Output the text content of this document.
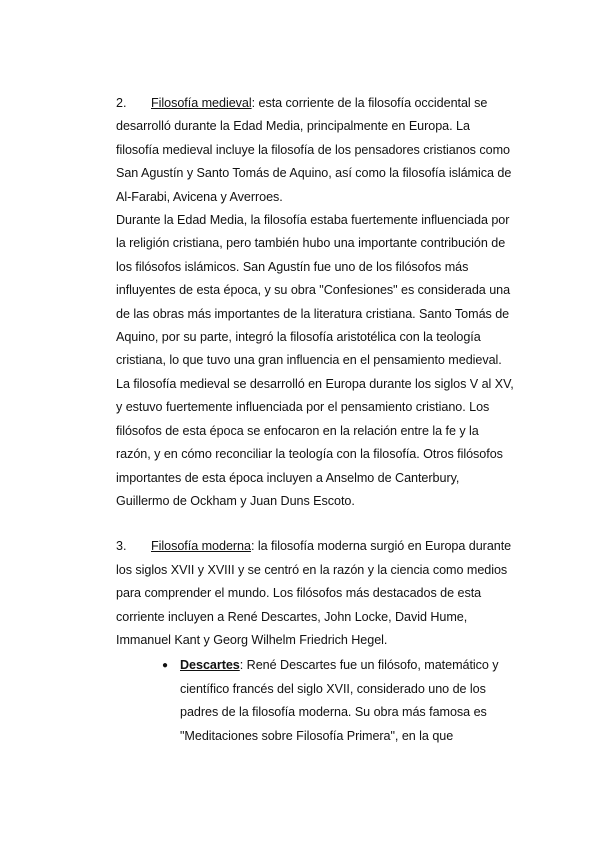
2. Filosofía medieval: esta corriente de la filosofía occidental se desarrolló durante la Edad Media, principalmente en Europa. La filosofía medieval incluye la filosofía de los pensadores cristianos como San Agustín y Santo Tomás de Aquino, así como la filosofía islámica de Al-Farabi, Avicena y Averroes.

Durante la Edad Media, la filosofía estaba fuertemente influenciada por la religión cristiana, pero también hubo una importante contribución de los filósofos islámicos. San Agustín fue uno de los filósofos más influyentes de esta época, y su obra "Confesiones" es considerada una de las obras más importantes de la literatura cristiana. Santo Tomás de Aquino, por su parte, integró la filosofía aristotélica con la teología cristiana, lo que tuvo una gran influencia en el pensamiento medieval. La filosofía medieval se desarrolló en Europa durante los siglos V al XV, y estuvo fuertemente influenciada por el pensamiento cristiano. Los filósofos de esta época se enfocaron en la relación entre la fe y la razón, y en cómo reconciliar la teología con la filosofía. Otros filósofos importantes de esta época incluyen a Anselmo de Canterbury, Guillermo de Ockham y Juan Duns Escoto.

3. Filosofía moderna: la filosofía moderna surgió en Europa durante los siglos XVII y XVIII y se centró en la razón y la ciencia como medios para comprender el mundo. Los filósofos más destacados de esta corriente incluyen a René Descartes, John Locke, David Hume, Immanuel Kant y Georg Wilhelm Friedrich Hegel.

● Descartes: René Descartes fue un filósofo, matemático y científico francés del siglo XVII, considerado uno de los padres de la filosofía moderna. Su obra más famosa es "Meditaciones sobre Filosofía Primera", en la que
